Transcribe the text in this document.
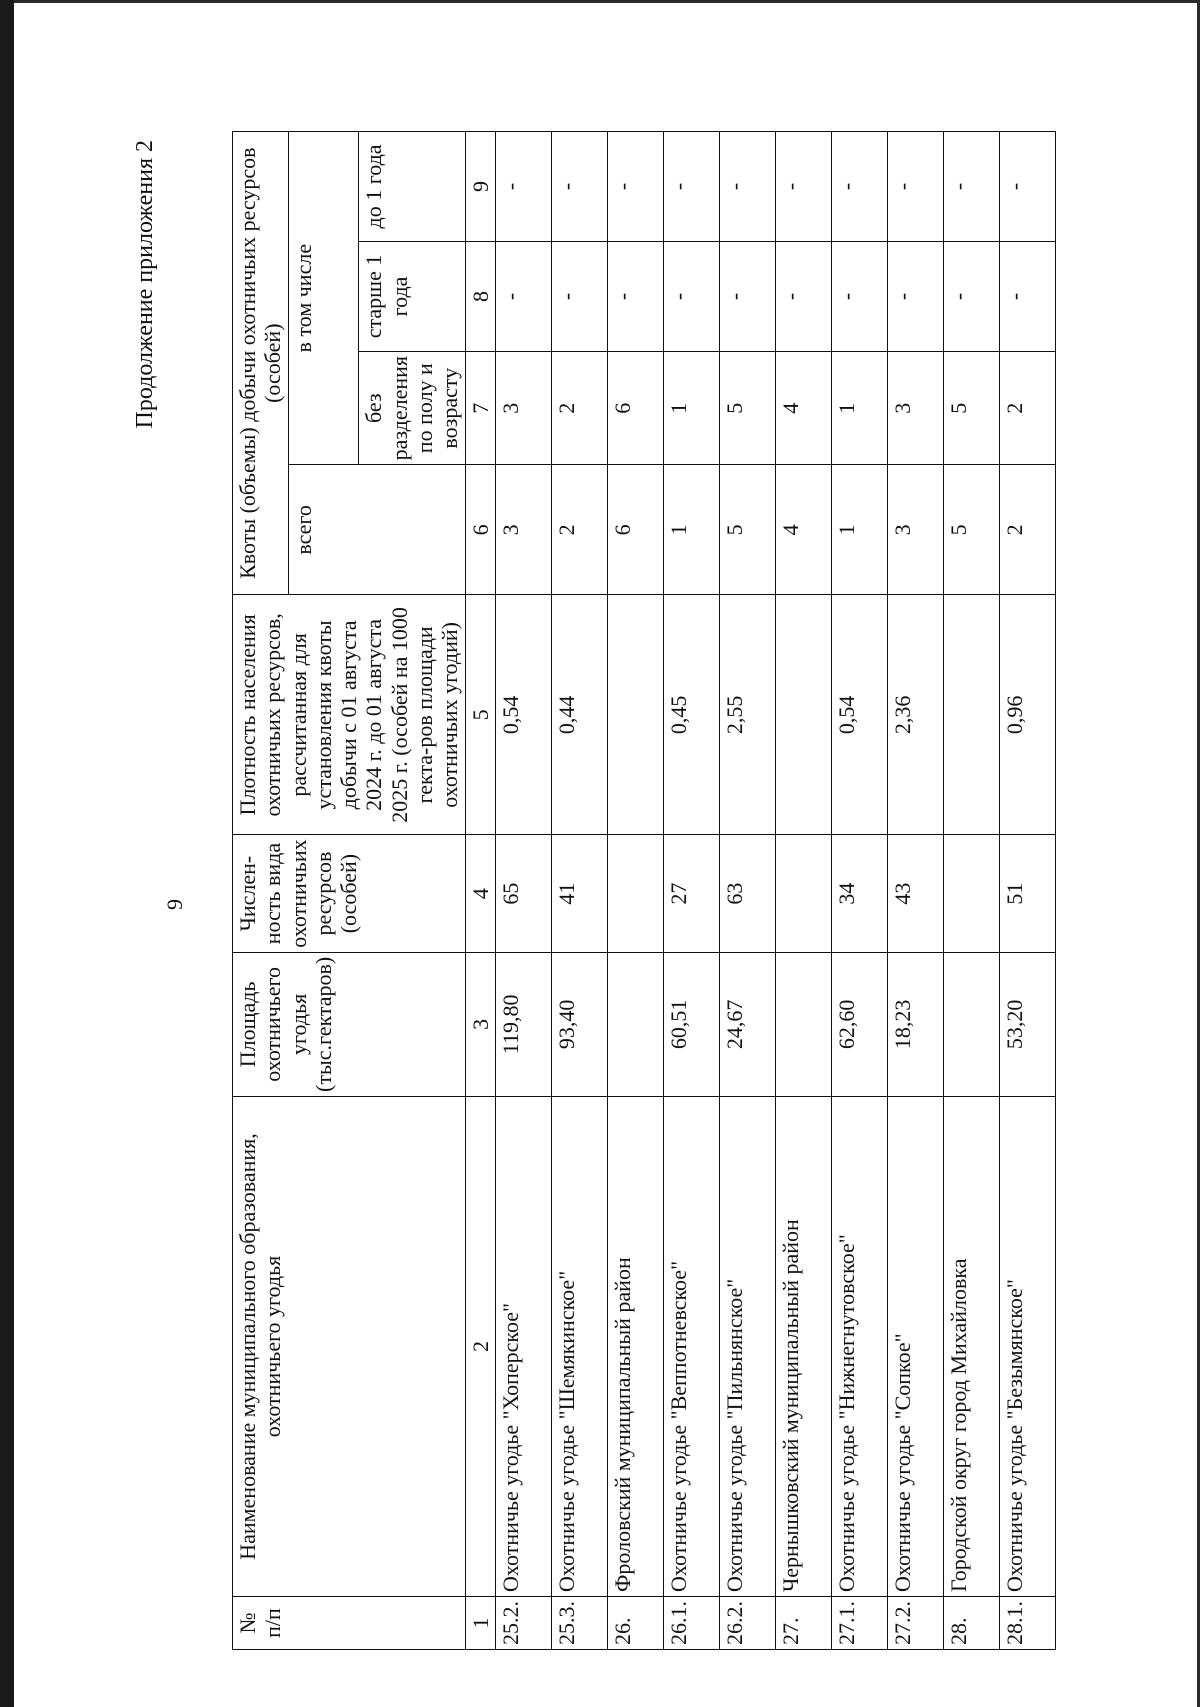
9
Продолжение приложения 2
№ п/п	Наименование муниципального образования, охотничьего угодья	Площадь охотничьего угодья (тыс.гектаров)	Числен-ность вида охотничьих ресурсов (особей)	Плотность населения охотничьих ресурсов, рассчитанная для установления квоты добычи с 01 августа 2024 г. до 01 августа 2025 г. (особей на 1000 гекта-ров площади охотничьих угодий)	Квоты (объемы) добычи охотничьих ресурсов (особей)			
					всего	в том числе		
						без разделения по полу и возрасту	старше 1 года	до 1 года
1	2	3	4	5	6	7	8	9
25.2.	Охотничье угодье "Хоперское"	119,80	65	0,54	3	3	-	-
25.3.	Охотничье угодье "Шемякинское"	93,40	41	0,44	2	2	-	-
26.	Фроловский муниципальный район				6	6	-	-
26.1.	Охотничье угодье "Веппотневское"	60,51	27	0,45	1	1	-	-
26.2.	Охотничье угодье "Пильнянское"	24,67	63	2,55	5	5	-	-
27.	Чернышковский муниципальный район				4	4	-	-
27.1.	Охотничье угодье "Нижнегнутовское"	62,60	34	0,54	1	1	-	-
27.2.	Охотничье угодье "Сопкое"	18,23	43	2,36	3	3	-	-
28.	Городской округ город Михайловка				5	5	-	-
28.1.	Охотничье угодье "Безымянское"	53,20	51	0,96	2	2	-	-
